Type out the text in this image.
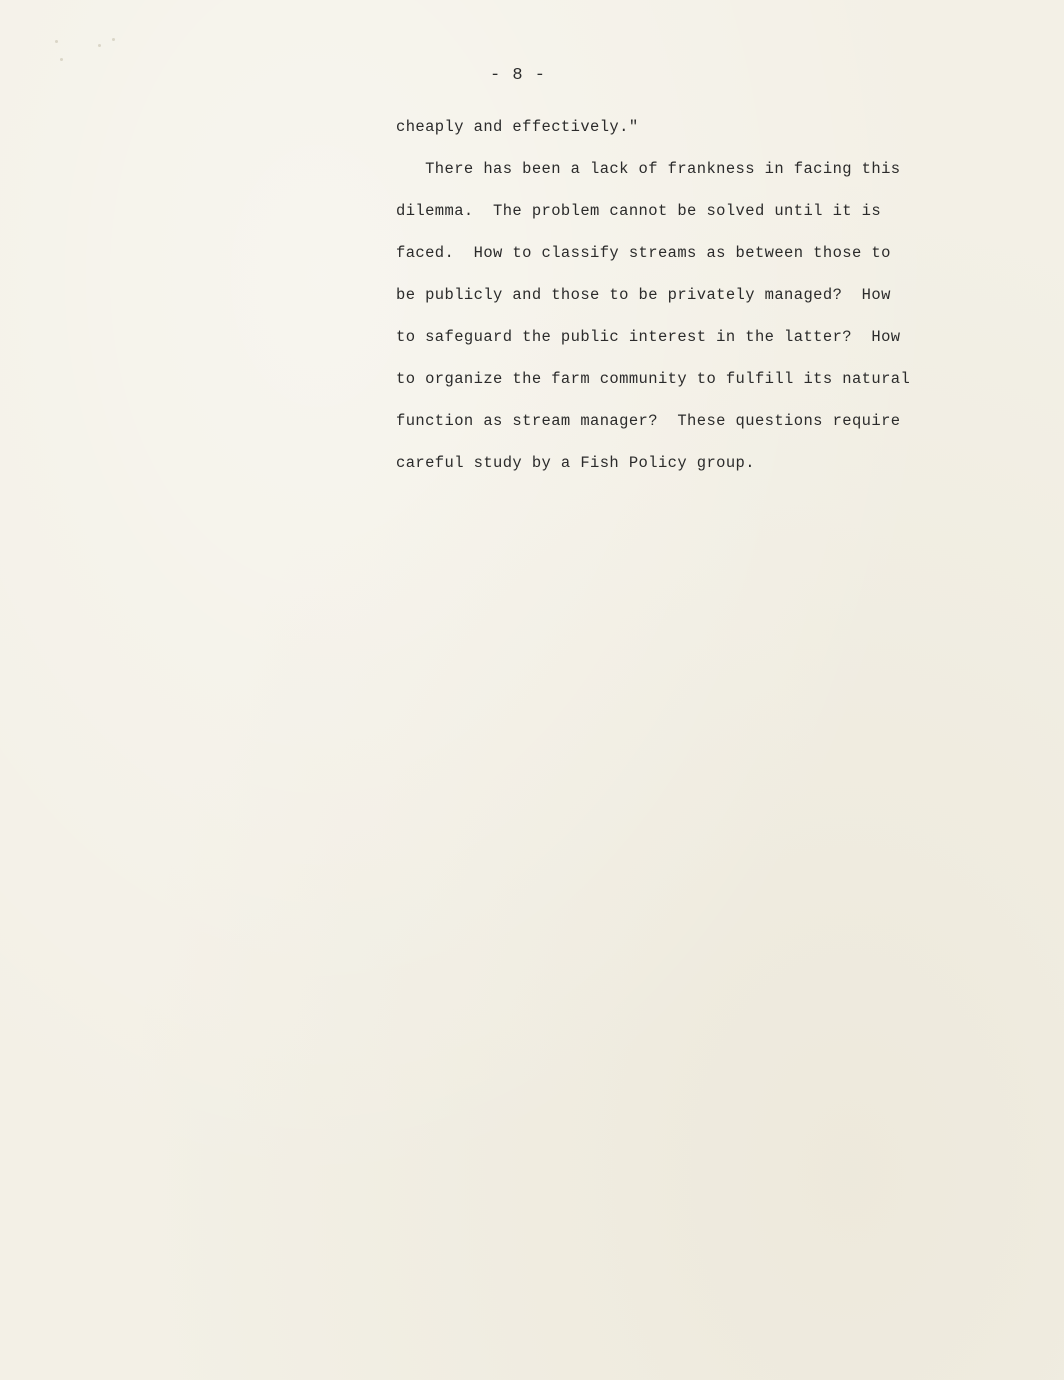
- 8 -

cheaply and effectively."

There has been a lack of frankness in facing this

dilemma.  The problem cannot be solved until it is

faced.  How to classify streams as between those to

be publicly and those to be privately managed?  How

to safeguard the public interest in the latter?  How

to organize the farm community to fulfill its natural

function as stream manager?  These questions require

careful study by a Fish Policy group.
